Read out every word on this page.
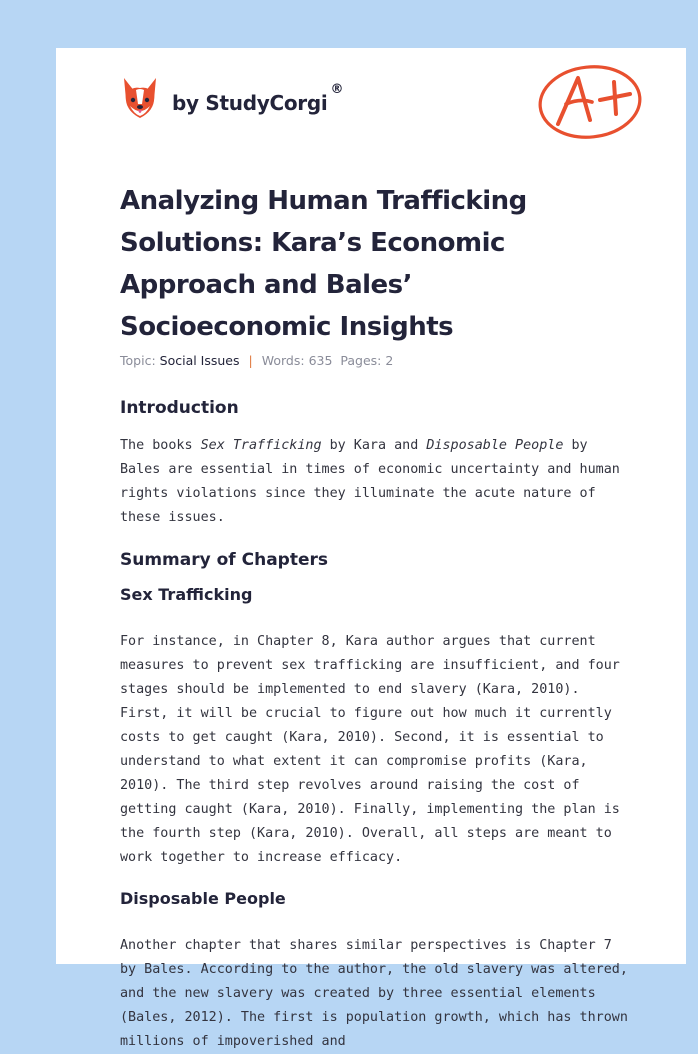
by StudyCorgi
®
Analyzing Human Trafficking Solutions: Kara’s Economic Approach and Bales’ Socioeconomic Insights
Topic: Social Issues | Words: 635 Pages: 2
Introduction

The books Sex Trafficking by Kara and Disposable People by Bales are essential in times of economic uncertainty and human rights violations since they illuminate the acute nature of these issues.

Summary of Chapters
Sex Trafficking

For instance, in Chapter 8, Kara author argues that current measures to prevent sex trafficking are insufficient, and four stages should be implemented to end slavery (Kara, 2010). First, it will be crucial to figure out how much it currently costs to get caught (Kara, 2010). Second, it is essential to understand to what extent it can compromise profits (Kara, 2010). The third step revolves around raising the cost of getting caught (Kara, 2010). Finally, implementing the plan is the fourth step (Kara, 2010). Overall, all steps are meant to work together to increase efficacy.

Disposable People

Another chapter that shares similar perspectives is Chapter 7 by Bales. According to the author, the old slavery was altered, and the new slavery was created by three essential elements (Bales, 2012). The first is population growth, which has thrown millions of impoverished and
